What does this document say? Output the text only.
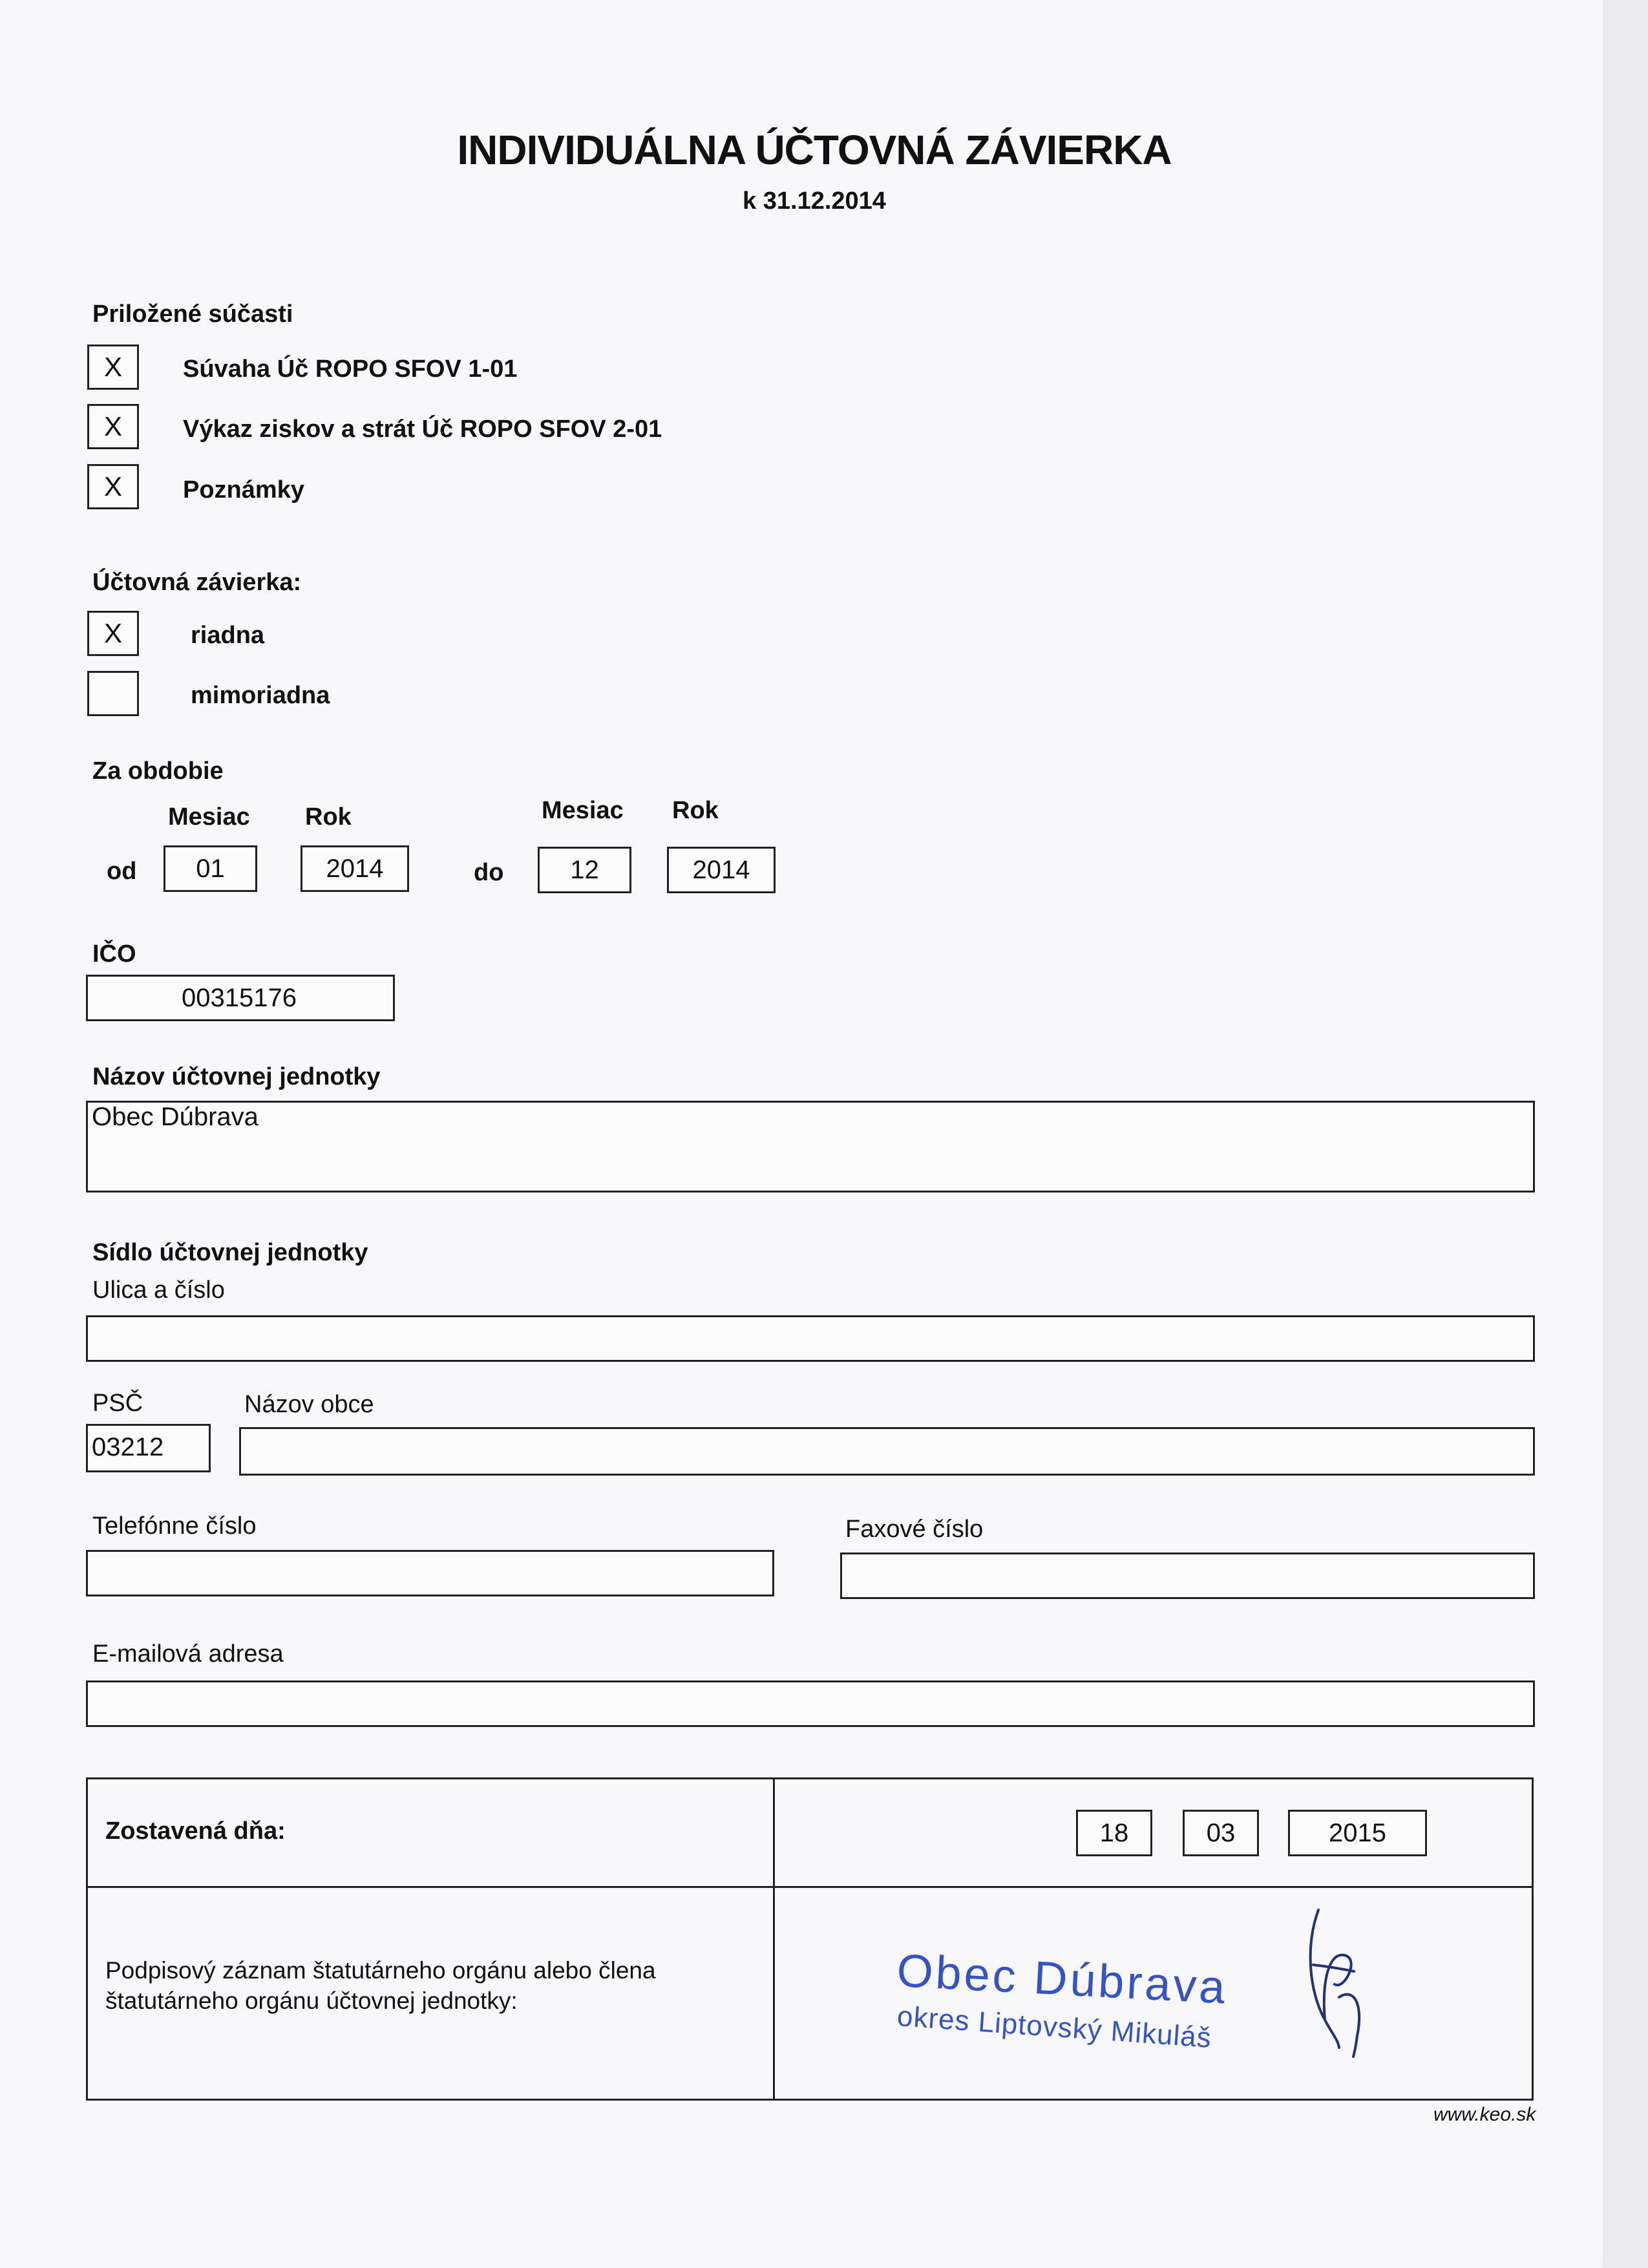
INDIVIDUÁLNA ÚČTOVNÁ ZÁVIERKA
k 31.12.2014
Priložené súčasti
X	Súvaha Úč ROPO SFOV 1-01
X	Výkaz ziskov a strát Úč ROPO SFOV 2-01
X	Poznámky
Účtovná závierka:
X	riadna
mimoriadna
Za obdobie
Mesiac Rok	Mesiac Rok
od	01	2014	do	12	2014
IČO
00315176
Názov účtovnej jednotky
Obec Dúbrava
Sídlo účtovnej jednotky
Ulica a číslo
PSČ	Názov obce
03212
Telefónne číslo	Faxové číslo
E-mailová adresa
Zostavená dňa:	18	03	2015
Podpisový záznam štatutárneho orgánu alebo člena
štatutárneho orgánu účtovnej jednotky:	Obec Dúbrava
okres Liptovský Mikuláš
www.keo.sk
